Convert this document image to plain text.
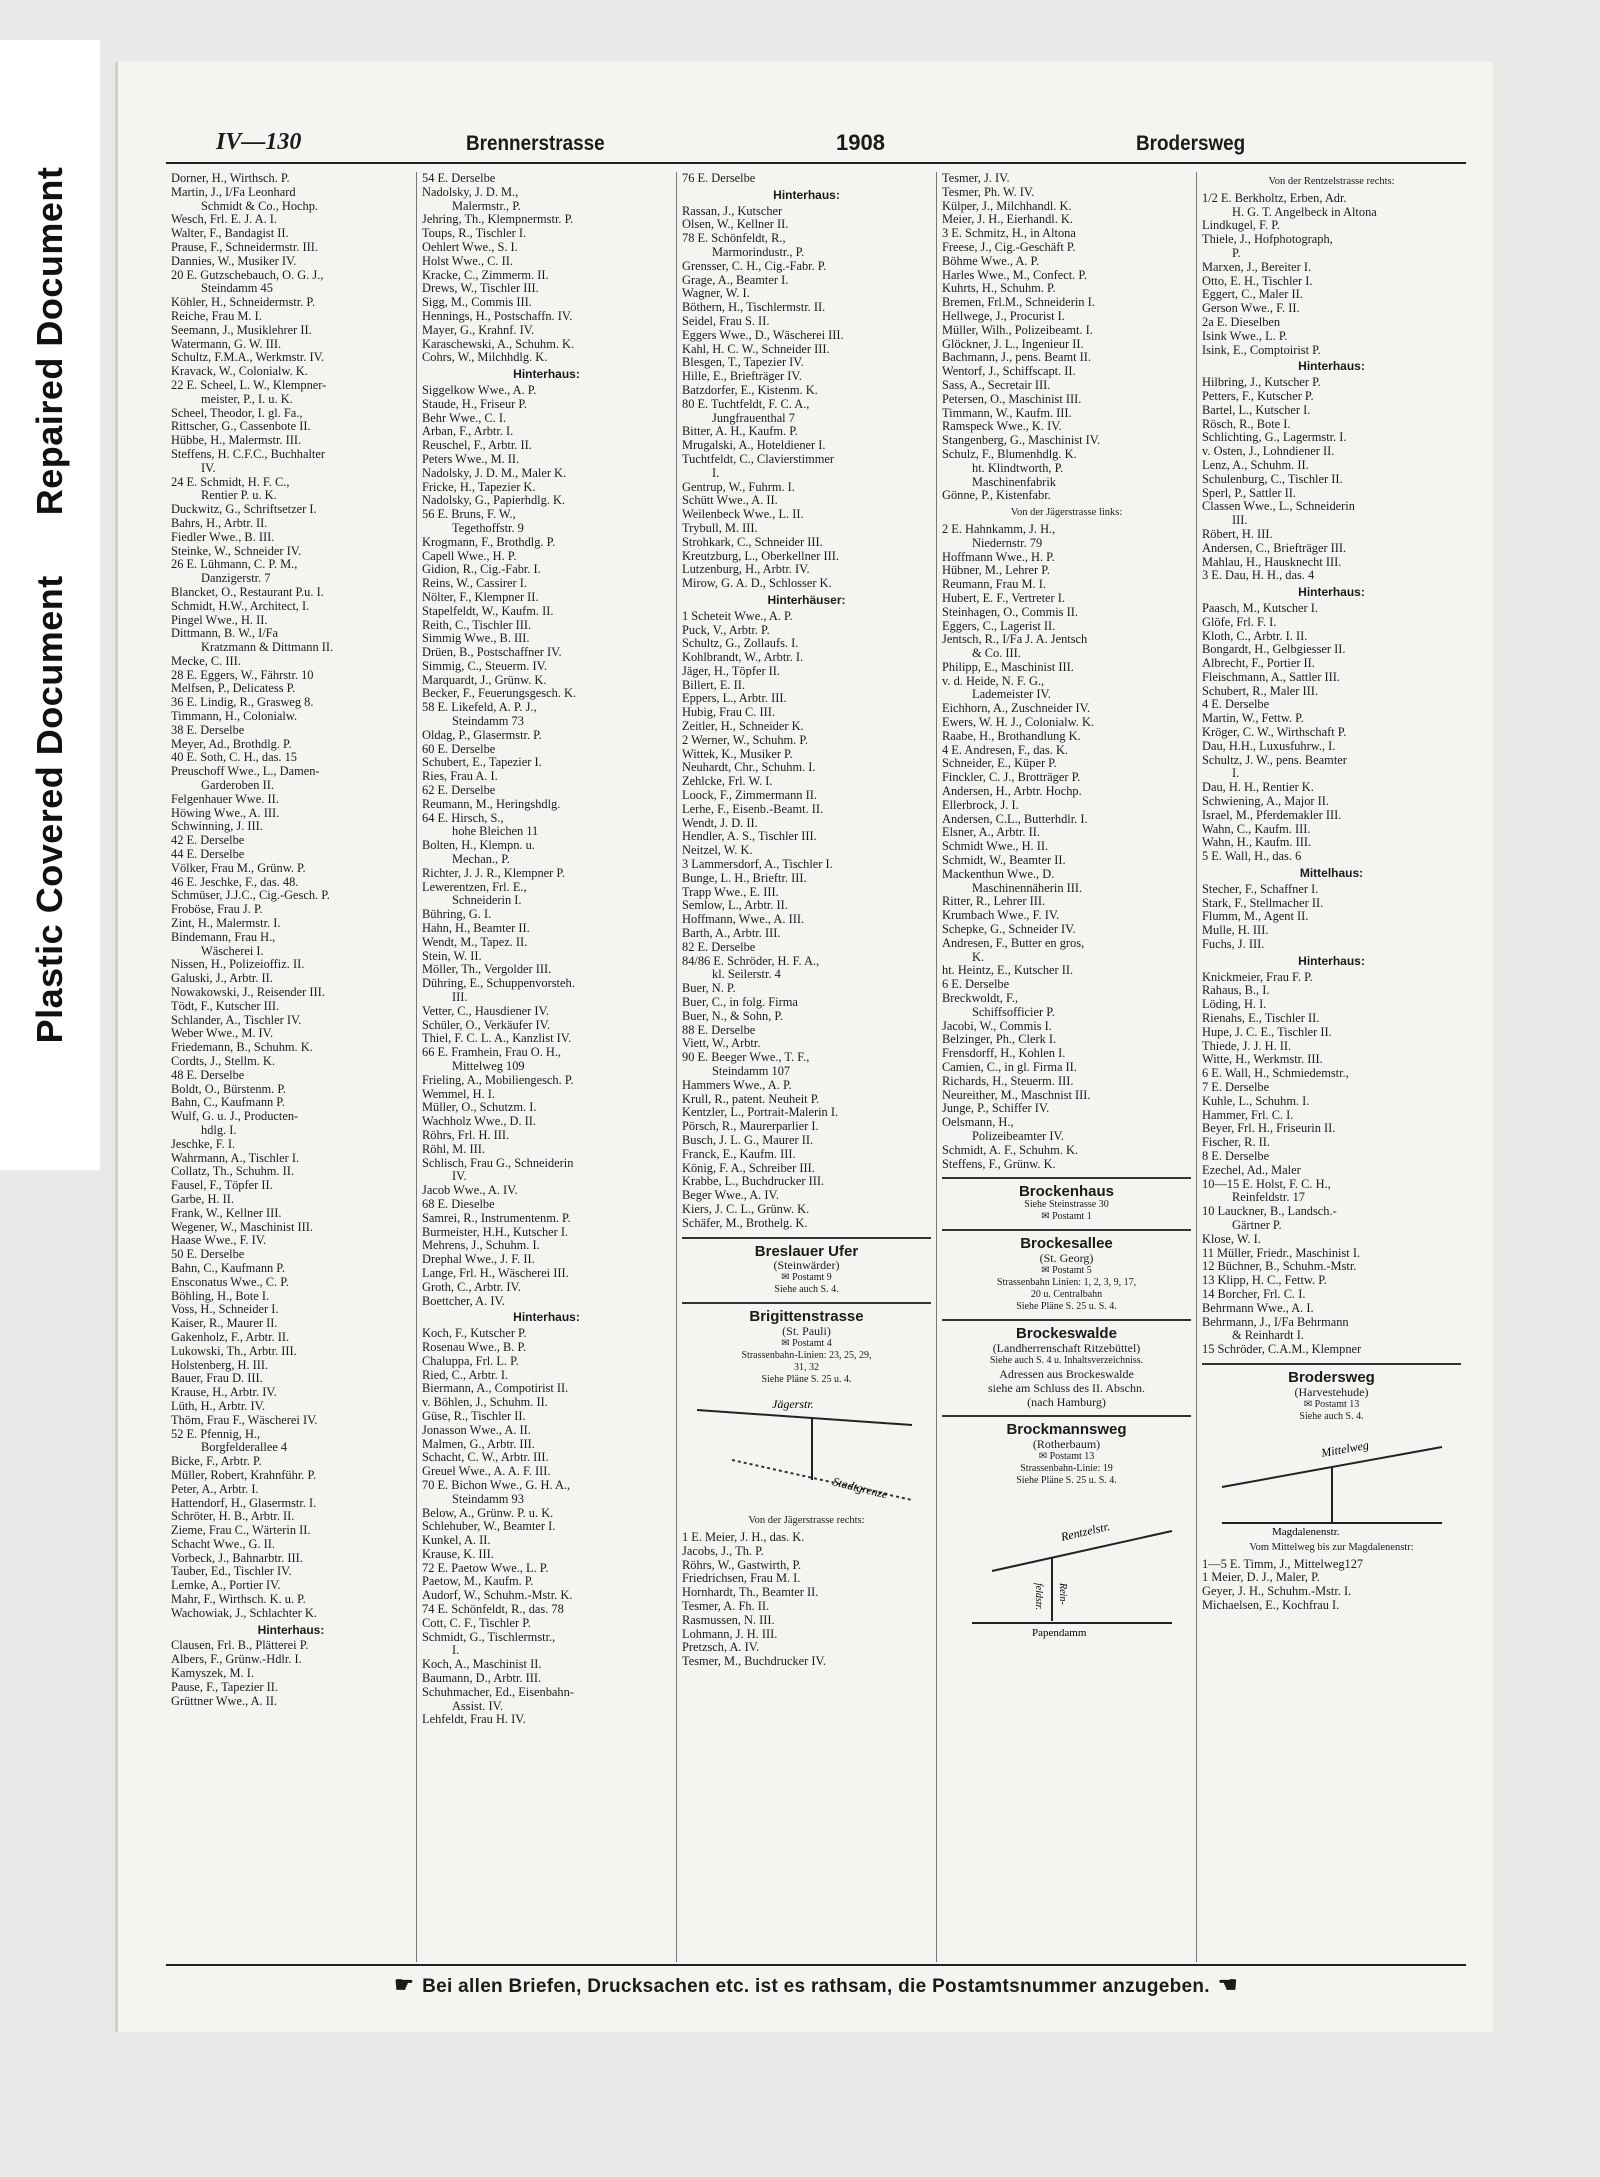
Plastic Covered DocumentRepaired Document
IV—130	Brennerstrasse	1908	Brodersweg
Dorner, H., Wirthsch. P.
Martin, J., I/Fa Leonhard
Schmidt & Co., Hochp.
Wesch, Frl. E. J. A. I.
Walter, F., Bandagist II.
Prause, F., Schneidermstr. III.
Dannies, W., Musiker IV.
20 E. Gutzschebauch, O. G. J.,
Steindamm 45
Köhler, H., Schneidermstr. P.
Reiche, Frau M. I.
Seemann, J., Musiklehrer II.
Watermann, G. W. III.
Schultz, F.M.A., Werkmstr. IV.
Kravack, W., Colonialw. K.
22 E. Scheel, L. W., Klempner-
meister, P., I. u. K.
Scheel, Theodor, I. gl. Fa.,
Rittscher, G., Cassenbote II.
Hübbe, H., Malermstr. III.
Steffens, H. C.F.C., Buchhalter
IV.
24 E. Schmidt, H. F. C.,
Rentier P. u. K.
Duckwitz, G., Schriftsetzer I.
Bahrs, H., Arbtr. II.
Fiedler Wwe., B. III.
Steinke, W., Schneider IV.
26 E. Lühmann, C. P. M.,
Danzigerstr. 7
Blancket, O., Restaurant P.u. I.
Schmidt, H.W., Architect, I.
Pingel Wwe., H. II.
Dittmann, B. W., I/Fa
Kratzmann & Dittmann II.
Mecke, C. III.
28 E. Eggers, W., Fährstr. 10
Melfsen, P., Delicatess P.
36 E. Lindig, R., Grasweg 8.
Timmann, H., Colonialw.
38 E. Derselbe
Meyer, Ad., Brothdlg. P.
40 E. Soth, C. H., das. 15
Preuschoff Wwe., L., Damen-
Garderoben II.
Felgenhauer Wwe. II.
Höwing Wwe., A. III.
Schwinning, J. III.
42 E. Derselbe
44 E. Derselbe
Völker, Frau M., Grünw. P.
46 E. Jeschke, F., das. 48.
Schmüser, J.J.C., Cig.-Gesch. P.
Froböse, Frau J. P.
Zint, H., Malermstr. I.
Bindemann, Frau H.,
Wäscherei I.
Nissen, H., Polizeioffiz. II.
Galuski, J., Arbtr. II.
Nowakowski, J., Reisender III.
Tödt, F., Kutscher III.
Schlander, A., Tischler IV.
Weber Wwe., M. IV.
Friedemann, B., Schuhm. K.
Cordts, J., Stellm. K.
48 E. Derselbe
Boldt, O., Bürstenm. P.
Bahn, C., Kaufmann P.
Wulf, G. u. J., Producten-
hdlg. I.
Jeschke, F. I.
Wahrmann, A., Tischler I.
Collatz, Th., Schuhm. II.
Fausel, F., Töpfer II.
Garbe, H. II.
Frank, W., Kellner III.
Wegener, W., Maschinist III.
Haase Wwe., F. IV.
50 E. Derselbe
Bahn, C., Kaufmann P.
Ensconatus Wwe., C. P.
Böhling, H., Bote I.
Voss, H., Schneider I.
Kaiser, R., Maurer II.
Gakenholz, F., Arbtr. II.
Lukowski, Th., Arbtr. III.
Holstenberg, H. III.
Bauer, Frau D. III.
Krause, H., Arbtr. IV.
Lüth, H., Arbtr. IV.
Thöm, Frau F., Wäscherei IV.
52 E. Pfennig, H.,
Borgfelderallee 4
Bicke, F., Arbtr. P.
Müller, Robert, Krahnführ. P.
Peter, A., Arbtr. I.
Hattendorf, H., Glasermstr. I.
Schröter, H. B., Arbtr. II.
Zieme, Frau C., Wärterin II.
Schacht Wwe., G. II.
Vorbeck, J., Bahnarbtr. III.
Tauber, Ed., Tischler IV.
Lemke, A., Portier IV.
Mahr, F., Wirthsch. K. u. P.
Wachowiak, J., Schlachter K.
Hinterhaus:
Clausen, Frl. B., Plätterei P.
Albers, F., Grünw.-Hdlr. I.
Kamyszek, M. I.
Pause, F., Tapezier II.
Grüttner Wwe., A. II.
54 E. Derselbe
Nadolsky, J. D. M.,
Malermstr., P.
Jehring, Th., Klempnermstr. P.
Toups, R., Tischler I.
Oehlert Wwe., S. I.
Holst Wwe., C. II.
Kracke, C., Zimmerm. II.
Drews, W., Tischler III.
Sigg, M., Commis III.
Hennings, H., Postschaffn. IV.
Mayer, G., Krahnf. IV.
Karaschewski, A., Schuhm. K.
Cohrs, W., Milchhdlg. K.
Hinterhaus:
Siggelkow Wwe., A. P.
Staude, H., Friseur P.
Behr Wwe., C. I.
Arban, F., Arbtr. I.
Reuschel, F., Arbtr. II.
Peters Wwe., M. II.
Nadolsky, J. D. M., Maler K.
Fricke, H., Tapezier K.
Nadolsky, G., Papierhdlg. K.
56 E. Bruns, F. W.,
Tegethoffstr. 9
Krogmann, F., Brothdlg. P.
Capell Wwe., H. P.
Gidion, R., Cig.-Fabr. I.
Reins, W., Cassirer I.
Nölter, F., Klempner II.
Stapelfeldt, W., Kaufm. II.
Reith, C., Tischler III.
Simmig Wwe., B. III.
Drüen, B., Postschaffner IV.
Simmig, C., Steuerm. IV.
Marquardt, J., Grünw. K.
Becker, F., Feuerungsgesch. K.
58 E. Likefeld, A. P. J.,
Steindamm 73
Oldag, P., Glasermstr. P.
60 E. Derselbe
Schubert, E., Tapezier I.
Ries, Frau A. I.
62 E. Derselbe
Reumann, M., Heringshdlg.
64 E. Hirsch, S.,
hohe Bleichen 11
Bolten, H., Klempn. u.
Mechan., P.
Richter, J. J. R., Klempner P.
Lewerentzen, Frl. E.,
Schneiderin I.
Bühring, G. I.
Hahn, H., Beamter II.
Wendt, M., Tapez. II.
Stein, W. II.
Möller, Th., Vergolder III.
Dühring, E., Schuppenvorsteh.
III.
Vetter, C., Hausdiener IV.
Schüler, O., Verkäufer IV.
Thiel, F. C. L. A., Kanzlist IV.
66 E. Framhein, Frau O. H.,
Mittelweg 109
Frieling, A., Mobiliengesch. P.
Wemmel, H. I.
Müller, O., Schutzm. I.
Wachholz Wwe., D. II.
Röhrs, Frl. H. III.
Röhl, M. III.
Schlisch, Frau G., Schneiderin
IV.
Jacob Wwe., A. IV.
68 E. Dieselbe
Samrei, R., Instrumentenm. P.
Burmeister, H.H., Kutscher I.
Mehrens, J., Schuhm. I.
Drephal Wwe., J. F. II.
Lange, Frl. H., Wäscherei III.
Groth, C., Arbtr. IV.
Boettcher, A. IV.
Hinterhaus:
Koch, F., Kutscher P.
Rosenau Wwe., B. P.
Chaluppa, Frl. L. P.
Ried, C., Arbtr. I.
Biermann, A., Compotirist II.
v. Böhlen, J., Schuhm. II.
Güse, R., Tischler II.
Jonasson Wwe., A. II.
Malmen, G., Arbtr. III.
Schacht, C. W., Arbtr. III.
Greuel Wwe., A. A. F. III.
70 E. Bichon Wwe., G. H. A.,
Steindamm 93
Below, A., Grünw. P. u. K.
Schlehuber, W., Beamter I.
Kunkel, A. II.
Krause, K. III.
72 E. Paetow Wwe., L. P.
Paetow, M., Kaufm. P.
Audorf, W., Schuhm.-Mstr. K.
74 E. Schönfeldt, R., das. 78
Cott, C. F., Tischler P.
Schmidt, G., Tischlermstr.,
I.
Koch, A., Maschinist II.
Baumann, D., Arbtr. III.
Schuhmacher, Ed., Eisenbahn-
Assist. IV.
Lehfeldt, Frau H. IV.
76 E. Derselbe
Hinterhaus:
Rassan, J., Kutscher
Olsen, W., Kellner II.
78 E. Schönfeldt, R.,
Marmorindustr., P.
Grensser, C. H., Cig.-Fabr. P.
Grage, A., Beamter I.
Wagner, W. I.
Böthern, H., Tischlermstr. II.
Seidel, Frau S. II.
Eggers Wwe., D., Wäscherei III.
Kahl, H. C. W., Schneider III.
Blesgen, T., Tapezier IV.
Hille, E., Briefträger IV.
Batzdorfer, E., Kistenm. K.
80 E. Tuchtfeldt, F. C. A.,
Jungfrauenthal 7
Bitter, A. H., Kaufm. P.
Mrugalski, A., Hoteldiener I.
Tuchtfeldt, C., Clavierstimmer
I.
Gentrup, W., Fuhrm. I.
Schütt Wwe., A. II.
Weilenbeck Wwe., L. II.
Trybull, M. III.
Strohkark, C., Schneider III.
Kreutzburg, L., Oberkellner III.
Lutzenburg, H., Arbtr. IV.
Mirow, G. A. D., Schlosser K.
Hinterhäuser:
1 Scheteit Wwe., A. P.
Puck, V., Arbtr. P.
Schultz, G., Zollaufs. I.
Kohlbrandt, W., Arbtr. I.
Jäger, H., Töpfer II.
Billert, E. II.
Eppers, L., Arbtr. III.
Hubig, Frau C. III.
Zeitler, H., Schneider K.
2 Werner, W., Schuhm. P.
Wittek, K., Musiker P.
Neuhardt, Chr., Schuhm. I.
Zehlcke, Frl. W. I.
Loock, F., Zimmermann II.
Lerhe, F., Eisenb.-Beamt. II.
Wendt, J. D. II.
Hendler, A. S., Tischler III.
Neitzel, W. K.
3 Lammersdorf, A., Tischler I.
Bunge, L. H., Brieftr. III.
Trapp Wwe., E. III.
Semlow, L., Arbtr. II.
Hoffmann, Wwe., A. III.
Barth, A., Arbtr. III.
82 E. Derselbe
84/86 E. Schröder, H. F. A.,
kl. Seilerstr. 4
Buer, N. P.
Buer, C., in folg. Firma
Buer, N., & Sohn, P.
88 E. Derselbe
Viett, W., Arbtr.
90 E. Beeger Wwe., T. F.,
Steindamm 107
Hammers Wwe., A. P.
Krull, R., patent. Neuheit P.
Kentzler, L., Portrait-Malerin I.
Pörsch, R., Maurerparlier I.
Busch, J. L. G., Maurer II.
Franck, E., Kaufm. III.
König, F. A., Schreiber III.
Krabbe, L., Buchdrucker III.
Beger Wwe., A. IV.
Kiers, J. C. L., Grünw. K.
Schäfer, M., Brothelg. K.
Breslauer Ufer
(Steinwärder)
✉ Postamt 9
Siehe auch S. 4.
Brigittenstrasse
(St. Pauli)
✉ Postamt 4
Strassenbahn-Linien: 23, 25, 29,
31, 32
Siehe Pläne S. 25 u. 4.
Jägerstr.
Stadtgrenze
Von der Jägerstrasse rechts:
1 E. Meier, J. H., das. K.
Jacobs, J., Th. P.
Röhrs, W., Gastwirth, P.
Friedrichsen, Frau M. I.
Hornhardt, Th., Beamter II.
Tesmer, A. Fh. II.
Rasmussen, N. III.
Lohmann, J. H. III.
Pretzsch, A. IV.
Tesmer, M., Buchdrucker IV.
Tesmer, J. IV.
Tesmer, Ph. W. IV.
Külper, J., Milchhandl. K.
Meier, J. H., Eierhandl. K.
3 E. Schmitz, H., in Altona
Freese, J., Cig.-Geschäft P.
Böhme Wwe., A. P.
Harles Wwe., M., Confect. P.
Kuhrts, H., Schuhm. P.
Bremen, Frl.M., Schneiderin I.
Hellwege, J., Procurist I.
Müller, Wilh., Polizeibeamt. I.
Glöckner, J. L., Ingenieur II.
Bachmann, J., pens. Beamt II.
Wentorf, J., Schiffscapt. II.
Sass, A., Secretair III.
Petersen, O., Maschinist III.
Timmann, W., Kaufm. III.
Ramspeck Wwe., K. IV.
Stangenberg, G., Maschinist IV.
Schulz, F., Blumenhdlg. K.
ht. Klindtworth, P.
Maschinenfabrik
Gönne, P., Kistenfabr.
Von der Jägerstrasse links:
2 E. Hahnkamm, J. H.,
Niedernstr. 79
Hoffmann Wwe., H. P.
Hübner, M., Lehrer P.
Reumann, Frau M. I.
Hubert, E. F., Vertreter I.
Steinhagen, O., Commis II.
Eggers, C., Lagerist II.
Jentsch, R., I/Fa J. A. Jentsch
& Co. III.
Philipp, E., Maschinist III.
v. d. Heide, N. F. G.,
Lademeister IV.
Eichhorn, A., Zuschneider IV.
Ewers, W. H. J., Colonialw. K.
Raabe, H., Brothandlung K.
4 E. Andresen, F., das. K.
Schneider, E., Küper P.
Finckler, C. J., Brotträger P.
Andersen, H., Arbtr. Hochp.
Ellerbrock, J. I.
Andersen, C.L., Butterhdlr. I.
Elsner, A., Arbtr. II.
Schmidt Wwe., H. II.
Schmidt, W., Beamter II.
Mackenthun Wwe., D.
Maschinennäherin III.
Ritter, R., Lehrer III.
Krumbach Wwe., F. IV.
Schepke, G., Schneider IV.
Andresen, F., Butter en gros,
K.
ht. Heintz, E., Kutscher II.
6 E. Derselbe
Breckwoldt, F.,
Schiffsofficier P.
Jacobi, W., Commis I.
Belzinger, Ph., Clerk I.
Frensdorff, H., Kohlen I.
Camien, C., in gl. Firma II.
Richards, H., Steuerm. III.
Neureither, M., Maschnist III.
Junge, P., Schiffer IV.
Oelsmann, H.,
Polizeibeamter IV.
Schmidt, A. F., Schuhm. K.
Steffens, F., Grünw. K.
Brockenhaus
Siehe Steinstrasse 30
✉ Postamt 1
Brockesallee
(St. Georg)
✉ Postamt 5
Strassenbahn Linien: 1, 2, 3, 9, 17,
20 u. Centralbahn
Siehe Pläne S. 25 u. S. 4.
Brockeswalde
(Landherrenschaft Ritzebüttel)
Siehe auch S. 4 u. Inhaltsverzeichniss.
Adressen aus Brockeswalde
siehe am Schluss des II. Abschn.
(nach Hamburg)
Brockmannsweg
(Rotherbaum)
✉ Postamt 13
Strassenbahn-Linie: 19
Siehe Pläne S. 25 u. S. 4.
Rentzelstr.
Rein-
feldstr.
Papendamm
Von der Rentzelstrasse rechts:
1/2 E. Berkholtz, Erben, Adr.
H. G. T. Angelbeck in Altona
Lindkugel, F. P.
Thiele, J., Hofphotograph,
P.
Marxen, J., Bereiter I.
Otto, E. H., Tischler I.
Eggert, C., Maler II.
Gerson Wwe., F. II.
2a E. Dieselben
Isink Wwe., L. P.
Isink, E., Comptoirist P.
Hinterhaus:
Hilbring, J., Kutscher P.
Petters, F., Kutscher P.
Bartel, L., Kutscher I.
Rösch, R., Bote I.
Schlichting, G., Lagermstr. I.
v. Osten, J., Lohndiener II.
Lenz, A., Schuhm. II.
Schulenburg, C., Tischler II.
Sperl, P., Sattler II.
Classen Wwe., L., Schneiderin
III.
Röbert, H. III.
Andersen, C., Briefträger III.
Mahlau, H., Hausknecht III.
3 E. Dau, H. H., das. 4
Hinterhaus:
Paasch, M., Kutscher I.
Glöfe, Frl. F. I.
Kloth, C., Arbtr. I. II.
Bongardt, H., Gelbgiesser II.
Albrecht, F., Portier II.
Fleischmann, A., Sattler III.
Schubert, R., Maler III.
4 E. Derselbe
Martin, W., Fettw. P.
Kröger, C. W., Wirthschaft P.
Dau, H.H., Luxusfuhrw., I.
Schultz, J. W., pens. Beamter
I.
Dau, H. H., Rentier K.
Schwiening, A., Major II.
Israel, M., Pferdemakler III.
Wahn, C., Kaufm. III.
Wahn, H., Kaufm. III.
5 E. Wall, H., das. 6
Mittelhaus:
Stecher, F., Schaffner I.
Stark, F., Stellmacher II.
Flumm, M., Agent II.
Mulle, H. III.
Fuchs, J. III.
Hinterhaus:
Knickmeier, Frau F. P.
Rahaus, B., I.
Löding, H. I.
Rienahs, E., Tischler II.
Hupe, J. C. E., Tischler II.
Thiede, J. J. H. II.
Witte, H., Werkmstr. III.
6 E. Wall, H., Schmiedemstr.,
7 E. Derselbe
Kuhle, L., Schuhm. I.
Hammer, Frl. C. I.
Beyer, Frl. H., Friseurin II.
Fischer, R. II.
8 E. Derselbe
Ezechel, Ad., Maler
10—15 E. Holst, F. C. H.,
Reinfeldstr. 17
10 Lauckner, B., Landsch.-
Gärtner P.
Klose, W. I.
11 Müller, Friedr., Maschinist I.
12 Büchner, B., Schuhm.-Mstr.
13 Klipp, H. C., Fettw. P.
14 Borcher, Frl. C. I.
Behrmann Wwe., A. I.
Behrmann, J., I/Fa Behrmann
& Reinhardt I.
15 Schröder, C.A.M., Klempner
Brodersweg
(Harvestehude)
✉ Postamt 13
Siehe auch S. 4.
Mittelweg
Magdalenenstr.
Vom Mittelweg bis zur Magdalenenstr:
1—5 E. Timm, J., Mittelweg127
1 Meier, D. J., Maler, P.
Geyer, J. H., Schuhm.-Mstr. I.
Michaelsen, E., Kochfrau I.
☛ Bei allen Briefen, Drucksachen etc. ist es rathsam, die Postamtsnummer anzugeben. ☚
